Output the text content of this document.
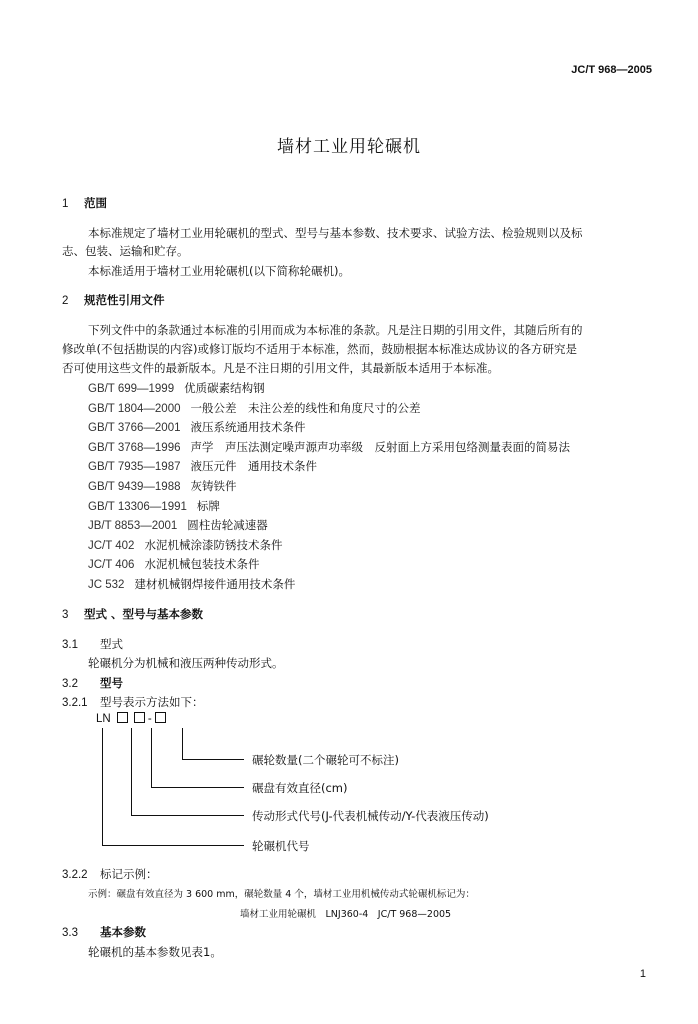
JC/T 968—2005
墙材工业用轮碾机
1 范围
本标准规定了墙材工业用轮碾机的型式、型号与基本参数、技术要求、试验方法、检验规则以及标
志、包装、运输和贮存。
本标准适用于墙材工业用轮碾机(以下简称轮碾机)。
2 规范性引用文件
下列文件中的条款通过本标准的引用而成为本标准的条款。凡是注日期的引用文件，其随后所有的
修改单(不包括勘误的内容)或修订版均不适用于本标准，然而，鼓励根据本标准达成协议的各方研究是
否可使用这些文件的最新版本。凡是不注日期的引用文件，其最新版本适用于本标准。
GB/T 699—1999 优质碳素结构钢
GB/T 1804—2000 一般公差　未注公差的线性和角度尺寸的公差
GB/T 3766—2001 液压系统通用技术条件
GB/T 3768—1996 声学　声压法测定噪声源声功率级　反射面上方采用包络测量表面的简易法
GB/T 7935—1987 液压元件　通用技术条件
GB/T 9439—1988 灰铸铁件
GB/T 13306—1991 标牌
JB/T 8853—2001 圆柱齿轮减速器
JC/T 402 水泥机械涂漆防锈技术条件
JC/T 406 水泥机械包装技术条件
JC 532 建材机械钢焊接件通用技术条件
3 型式 、型号与基本参数
3.1 型式
轮碾机分为机械和液压两种传动形式。
3.2 型号
3.2.1 型号表示方法如下：
LN	-
碾轮数量(二个碾轮可不标注)
碾盘有效直径(cm)
传动形式代号(J-代表机械传动/Y-代表液压传动)
轮碾机代号
3.2.2 标记示例：
示例：碾盘有效直径为 3 600 mm，碾轮数量 4 个，墙材工业用机械传动式轮碾机标记为：
墙材工业用轮碾机　LNJ360-4　JC/T 968—2005
3.3 基本参数
轮碾机的基本参数见表1。
1
